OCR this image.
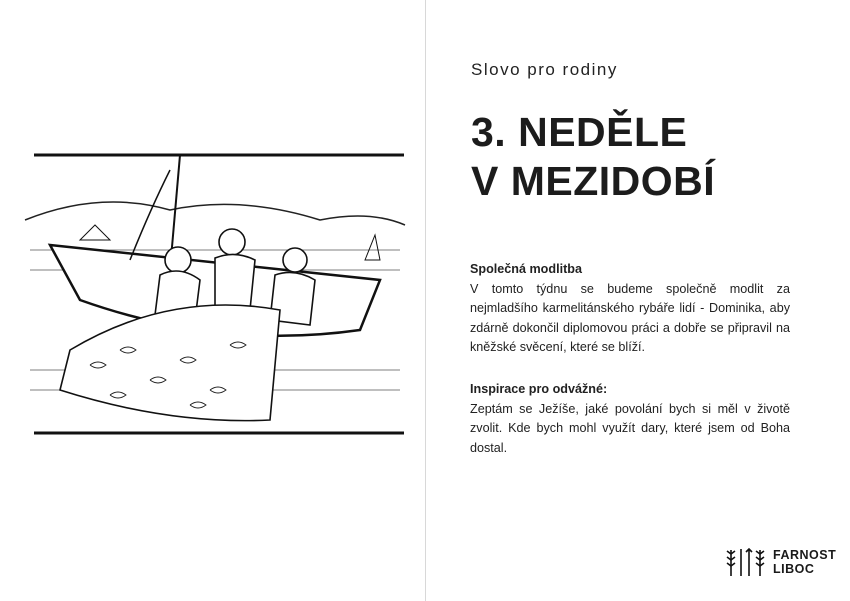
Slovo pro rodiny
3. NEDĚLE
V MEZIDOBÍ
Společná modlitba

V tomto týdnu se budeme společně modlit za nejmladšího karmelitánského rybáře lidí - Dominika, aby zdárně dokončil diplomovou práci a dobře se připravil na kněžské svěcení, které se blíží.

Inspirace pro odvážné:

Zeptám se Ježíše, jaké povolání bych si měl v životě zvolit. Kde bych mohl využít dary, které jsem od Boha dostal.

FARNOST
LIBOC
